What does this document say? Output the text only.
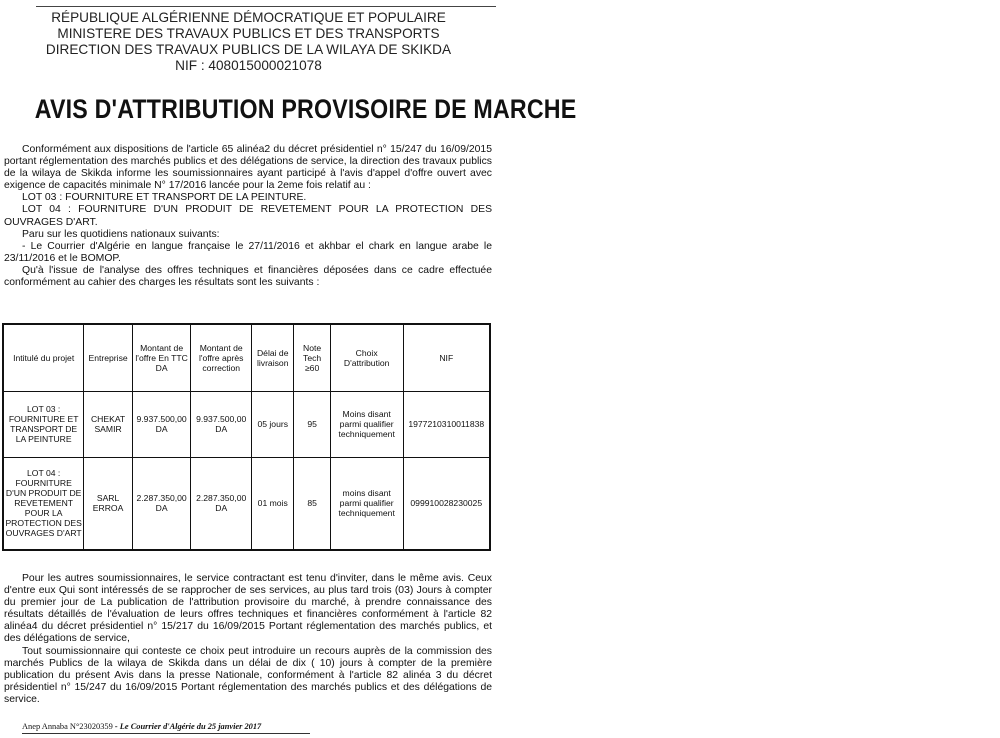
RÉPUBLIQUE ALGÉRIENNE DÉMOCRATIQUE ET POPULAIRE
MINISTERE DES TRAVAUX PUBLICS ET DES TRANSPORTS
DIRECTION DES TRAVAUX PUBLICS DE LA WILAYA DE SKIKDA
NIF : 408015000021078
AVIS D'ATTRIBUTION PROVISOIRE DE MARCHE

Conformément aux dispositions de l'article 65 alinéa2 du décret présidentiel n° 15/247 du 16/09/2015 portant réglementation des marchés publics et des délégations de service, la direction des travaux publics de la wilaya de Skikda informe les soumissionnaires ayant participé à l'avis d'appel d'offre ouvert avec exigence de capacités minimale N° 17/2016 lancée pour la 2eme fois relatif au :

LOT 03 : FOURNITURE ET TRANSPORT DE LA PEINTURE.

LOT 04 : FOURNITURE D'UN PRODUIT DE REVETEMENT POUR LA PROTECTION DES OUVRAGES D'ART.

Paru sur les quotidiens nationaux suivants:

- Le Courrier d'Algérie en langue française le 27/11/2016 et akhbar el chark en langue arabe le 23/11/2016 et le BOMOP.

Qu'à l'issue de l'analyse des offres techniques et financières déposées dans ce cadre effectuée conformément au cahier des charges les résultats sont les suivants :

Intitulé du projet	Entreprise	Montant de l'offre En TTC DA	Montant de l'offre après correction	Délai de livraison	Note Tech ≥60	Choix D'attribution	NIF
LOT 03 : FOURNITURE ET TRANSPORT DE LA PEINTURE	CHEKAT SAMIR	9.937.500,00 DA	9.937.500,00 DA	05 jours	95	Moins disant parmi qualifier techniquement	1977210310011838
LOT 04 : FOURNITURE D'UN PRODUIT DE REVETEMENT POUR LA PROTECTION DES OUVRAGES D'ART	SARL ERROA	2.287.350,00 DA	2.287.350,00 DA	01 mois	85	moins disant parmi qualifier techniquement	099910028230025

Pour les autres soumissionnaires, le service contractant est tenu d'inviter, dans le même avis. Ceux d'entre eux Qui sont intéressés de se rapprocher de ses services, au plus tard trois (03) Jours à compter du premier jour de La publication de l'attribution provisoire du marché, à prendre connaissance des résultats détaillés de l'évaluation de leurs offres techniques et financières conformément à l'article 82 alinéa4 du décret présidentiel n° 15/217 du 16/09/2015 Portant réglementation des marchés publics, et des délégations de service,

Tout soumissionnaire qui conteste ce choix peut introduire un recours auprès de la commission des marchés Publics de la wilaya de Skikda dans un délai de dix ( 10) jours à compter de la première publication du présent Avis dans la presse Nationale, conformément à l'article 82 alinéa 3 du décret présidentiel n° 15/247 du 16/09/2015 Portant réglementation des marchés publics et des délégations de service.

Anep Annaba N°23020359 - Le Courrier d'Algérie du 25 janvier 2017
